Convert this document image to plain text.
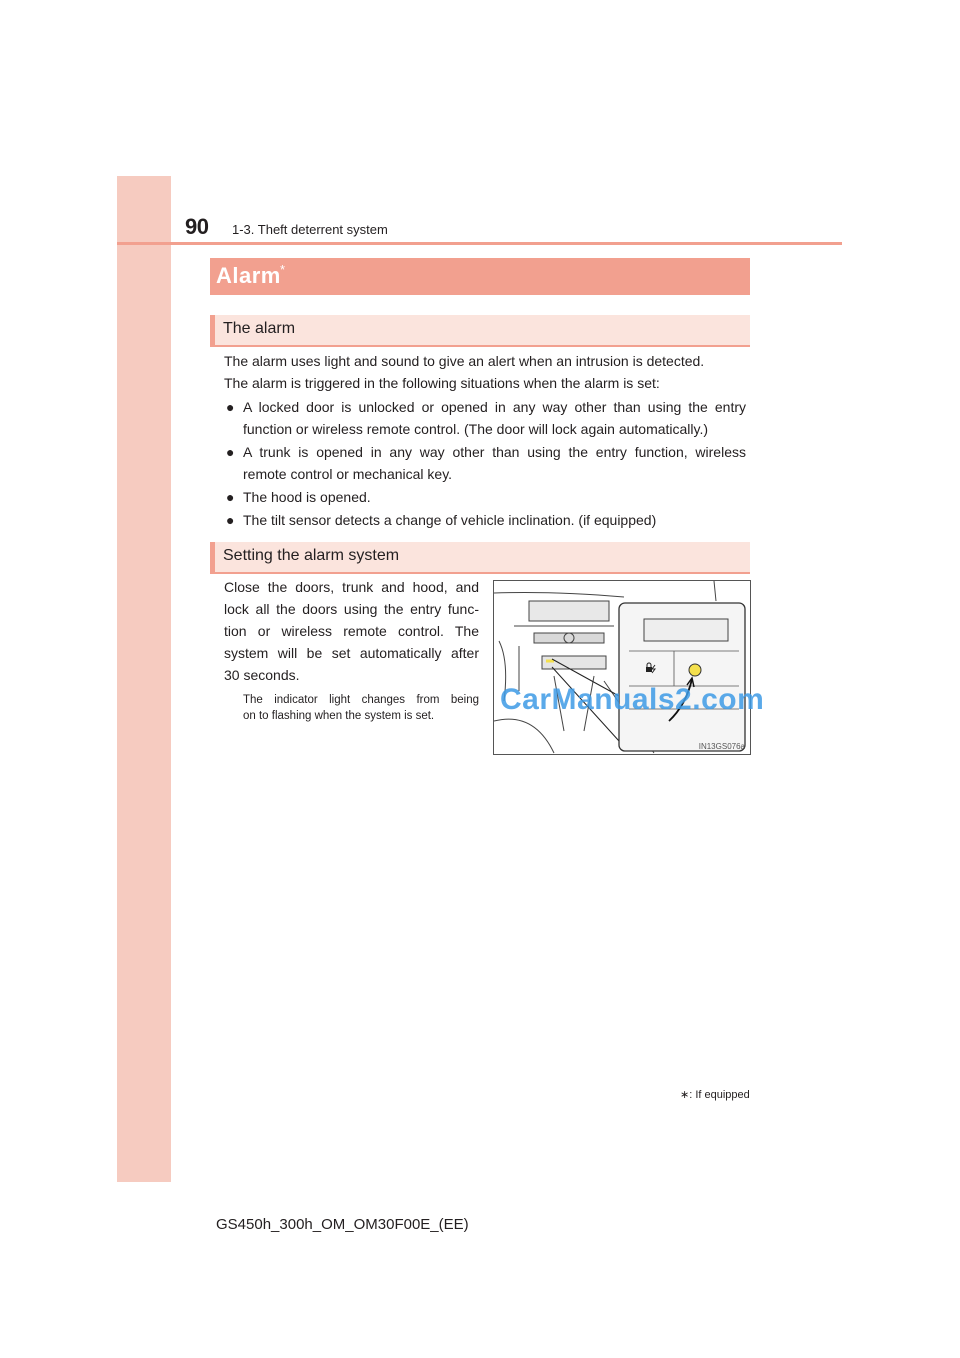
90 1-3. Theft deterrent system
Alarm *
The alarm
The alarm uses light and sound to give an alert when an intrusion is detected.
The alarm is triggered in the following situations when the alarm is set:
● A locked door is unlocked or opened in any way other than using the entry
function or wireless remote control. (The door will lock again automatically.)
● A trunk is opened in any way other than using the entry function, wireless
remote control or mechanical key.
● The hood is opened.
● The tilt sensor detects a change of vehicle inclination. (if equipped)
Setting the alarm system
Close the doors, trunk and hood, and
lock all the doors using the entry func-
tion or wireless remote control. The
system will be set automatically after
30 seconds.
The indicator light changes from being
on to flashing when the system is set.
IN13GS076a
CarManuals2.com
∗: If equipped
GS450h_300h_OM_OM30F00E_(EE)
